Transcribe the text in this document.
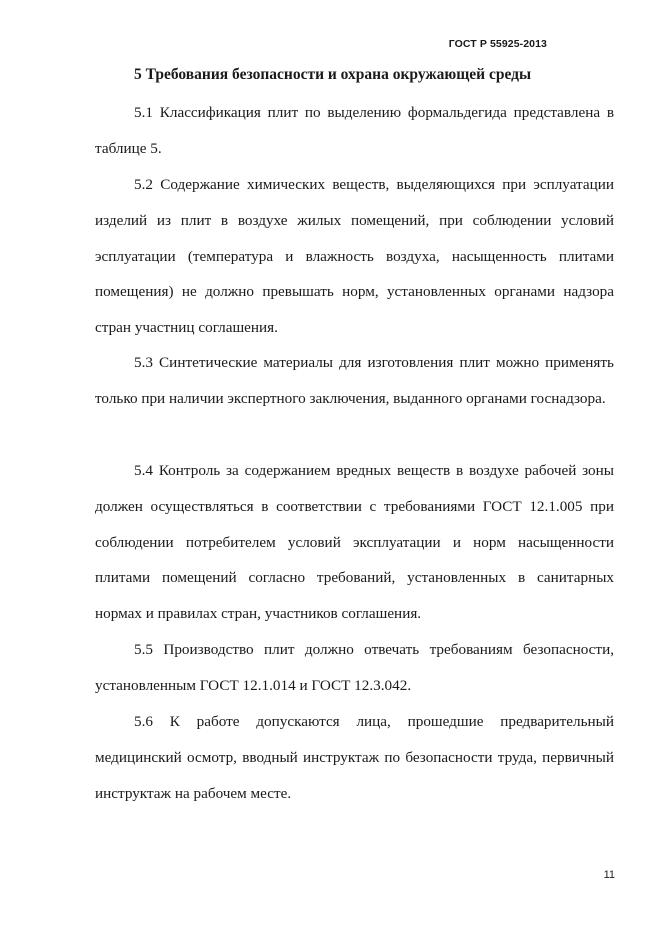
ГОСТ Р 55925-2013
5 Требования безопасности и охрана окружающей среды

5.1 Классификация плит по выделению формальдегида представлена в таблице 5.

5.2 Содержание химических веществ, выделяющихся при эсплуатации изделий из плит в воздухе жилых помещений, при соблюдении условий эсплуатации (температура и влажность воздуха, насыщенность плитами помещения) не должно превышать норм, установленных органами надзора стран участниц соглашения.

5.3 Синтетические материалы для изготовления плит можно применять только при наличии экспертного заключения, выданного органами госнадзора.

5.4 Контроль за содержанием вредных веществ в воздухе рабочей зоны должен осуществляться в соответствии с требованиями ГОСТ 12.1.005 при соблюдении потребителем условий эксплуатации и норм насыщенности плитами помещений согласно требований, установленных в санитарных нормах и правилах стран, участников соглашения.

5.5 Производство плит должно отвечать требованиям безопасности, установленным ГОСТ 12.1.014 и ГОСТ 12.3.042.

5.6 К работе допускаются лица, прошедшие предварительный медицинский осмотр, вводный инструктаж по безопасности труда, первичный инструктаж на рабочем месте.

11
